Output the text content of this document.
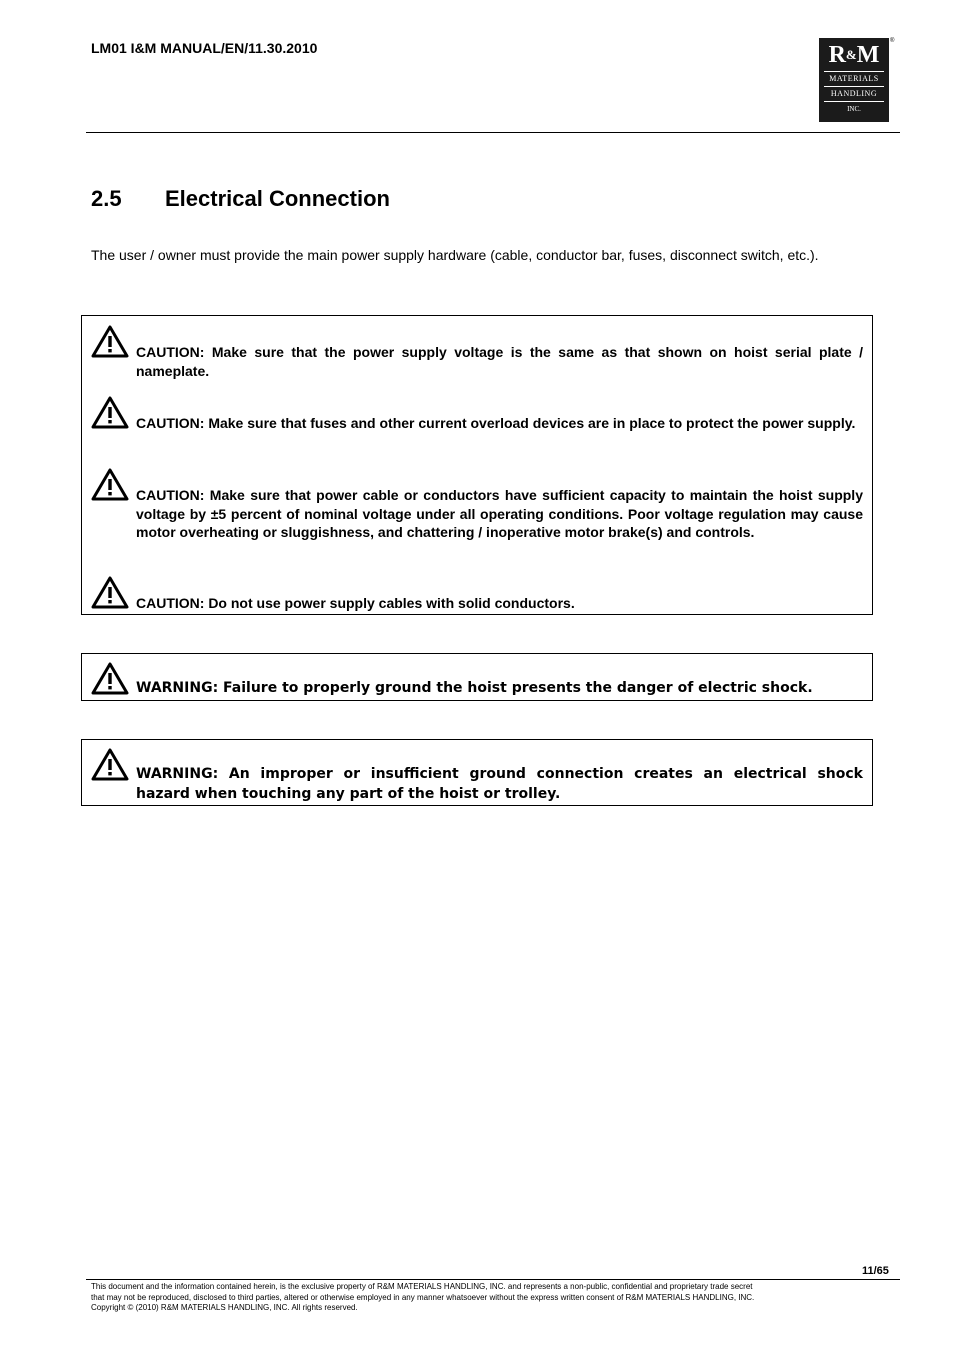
LM01 I&M MANUAL/EN/11.30.2010	R&M
MATERIALS
HANDLING
INC.
®
2.5 Electrical Connection
The user / owner must provide the main power supply hardware (cable, conductor bar, fuses, disconnect switch, etc.).
CAUTION: Make sure that the power supply voltage is the same as that shown on hoist serial plate / nameplate.
CAUTION: Make sure that fuses and other current overload devices are in place to protect the power supply.
CAUTION: Make sure that power cable or conductors have sufficient capacity to maintain the hoist supply voltage by ±5 percent of nominal voltage under all operating conditions. Poor voltage regulation may cause motor overheating or sluggishness, and chattering / inoperative motor brake(s) and controls.
CAUTION: Do not use power supply cables with solid conductors.
WARNING: Failure to properly ground the hoist presents the danger of electric shock.
WARNING: An improper or insufficient ground connection creates an electrical shock hazard when touching any part of the hoist or trolley.
11/65
This document and the information contained herein, is the exclusive property of R&M MATERIALS HANDLING, INC. and represents a non-public, confidential and proprietary trade secret
that may not be reproduced, disclosed to third parties, altered or otherwise employed in any manner whatsoever without the express written consent of R&M MATERIALS HANDLING, INC.
Copyright © (2010) R&M MATERIALS HANDLING, INC. All rights reserved.
